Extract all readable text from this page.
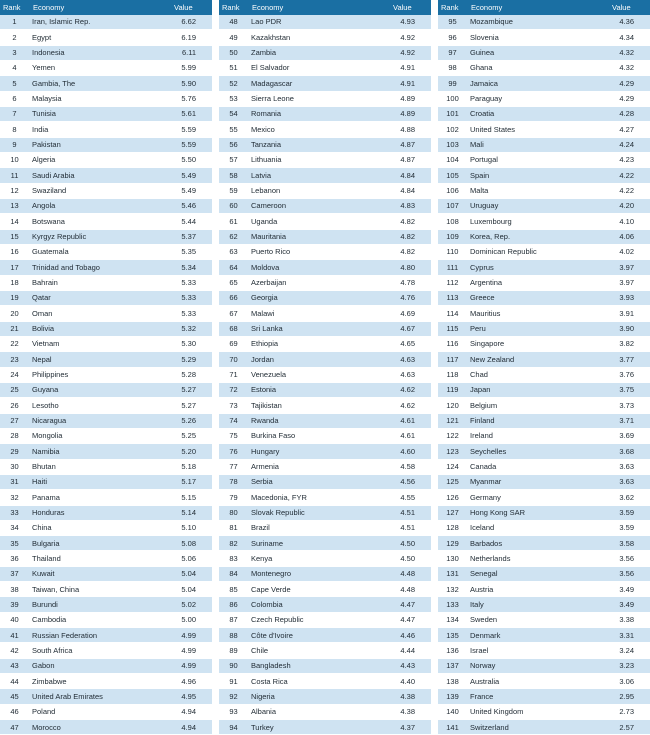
Rank	Economy	Value
1	Iran, Islamic Rep.	6.62
2	Egypt	6.19
3	Indonesia	6.11
4	Yemen	5.99
5	Gambia, The	5.90
6	Malaysia	5.76
7	Tunisia	5.61
8	India	5.59
9	Pakistan	5.59
10	Algeria	5.50
11	Saudi Arabia	5.49
12	Swaziland	5.49
13	Angola	5.46
14	Botswana	5.44
15	Kyrgyz Republic	5.37
16	Guatemala	5.35
17	Trinidad and Tobago	5.34
18	Bahrain	5.33
19	Qatar	5.33
20	Oman	5.33
21	Bolivia	5.32
22	Vietnam	5.30
23	Nepal	5.29
24	Philippines	5.28
25	Guyana	5.27
26	Lesotho	5.27
27	Nicaragua	5.26
28	Mongolia	5.25
29	Namibia	5.20
30	Bhutan	5.18
31	Haiti	5.17
32	Panama	5.15
33	Honduras	5.14
34	China	5.10
35	Bulgaria	5.08
36	Thailand	5.06
37	Kuwait	5.04
38	Taiwan, China	5.04
39	Burundi	5.02
40	Cambodia	5.00
41	Russian Federation	4.99
42	South Africa	4.99
43	Gabon	4.99
44	Zimbabwe	4.96
45	United Arab Emirates	4.95
46	Poland	4.94
47	Morocco	4.94
Rank	Economy	Value
48	Lao PDR	4.93
49	Kazakhstan	4.92
50	Zambia	4.92
51	El Salvador	4.91
52	Madagascar	4.91
53	Sierra Leone	4.89
54	Romania	4.89
55	Mexico	4.88
56	Tanzania	4.87
57	Lithuania	4.87
58	Latvia	4.84
59	Lebanon	4.84
60	Cameroon	4.83
61	Uganda	4.82
62	Mauritania	4.82
63	Puerto Rico	4.82
64	Moldova	4.80
65	Azerbaijan	4.78
66	Georgia	4.76
67	Malawi	4.69
68	Sri Lanka	4.67
69	Ethiopia	4.65
70	Jordan	4.63
71	Venezuela	4.63
72	Estonia	4.62
73	Tajikistan	4.62
74	Rwanda	4.61
75	Burkina Faso	4.61
76	Hungary	4.60
77	Armenia	4.58
78	Serbia	4.56
79	Macedonia, FYR	4.55
80	Slovak Republic	4.51
81	Brazil	4.51
82	Suriname	4.50
83	Kenya	4.50
84	Montenegro	4.48
85	Cape Verde	4.48
86	Colombia	4.47
87	Czech Republic	4.47
88	Côte d'Ivoire	4.46
89	Chile	4.44
90	Bangladesh	4.43
91	Costa Rica	4.40
92	Nigeria	4.38
93	Albania	4.38
94	Turkey	4.37
Rank	Economy	Value
95	Mozambique	4.36
96	Slovenia	4.34
97	Guinea	4.32
98	Ghana	4.32
99	Jamaica	4.29
100	Paraguay	4.29
101	Croatia	4.28
102	United States	4.27
103	Mali	4.24
104	Portugal	4.23
105	Spain	4.22
106	Malta	4.22
107	Uruguay	4.20
108	Luxembourg	4.10
109	Korea, Rep.	4.06
110	Dominican Republic	4.02
111	Cyprus	3.97
112	Argentina	3.97
113	Greece	3.93
114	Mauritius	3.91
115	Peru	3.90
116	Singapore	3.82
117	New Zealand	3.77
118	Chad	3.76
119	Japan	3.75
120	Belgium	3.73
121	Finland	3.71
122	Ireland	3.69
123	Seychelles	3.68
124	Canada	3.63
125	Myanmar	3.63
126	Germany	3.62
127	Hong Kong SAR	3.59
128	Iceland	3.59
129	Barbados	3.58
130	Netherlands	3.56
131	Senegal	3.56
132	Austria	3.49
133	Italy	3.49
134	Sweden	3.38
135	Denmark	3.31
136	Israel	3.24
137	Norway	3.23
138	Australia	3.06
139	France	2.95
140	United Kingdom	2.73
141	Switzerland	2.57
